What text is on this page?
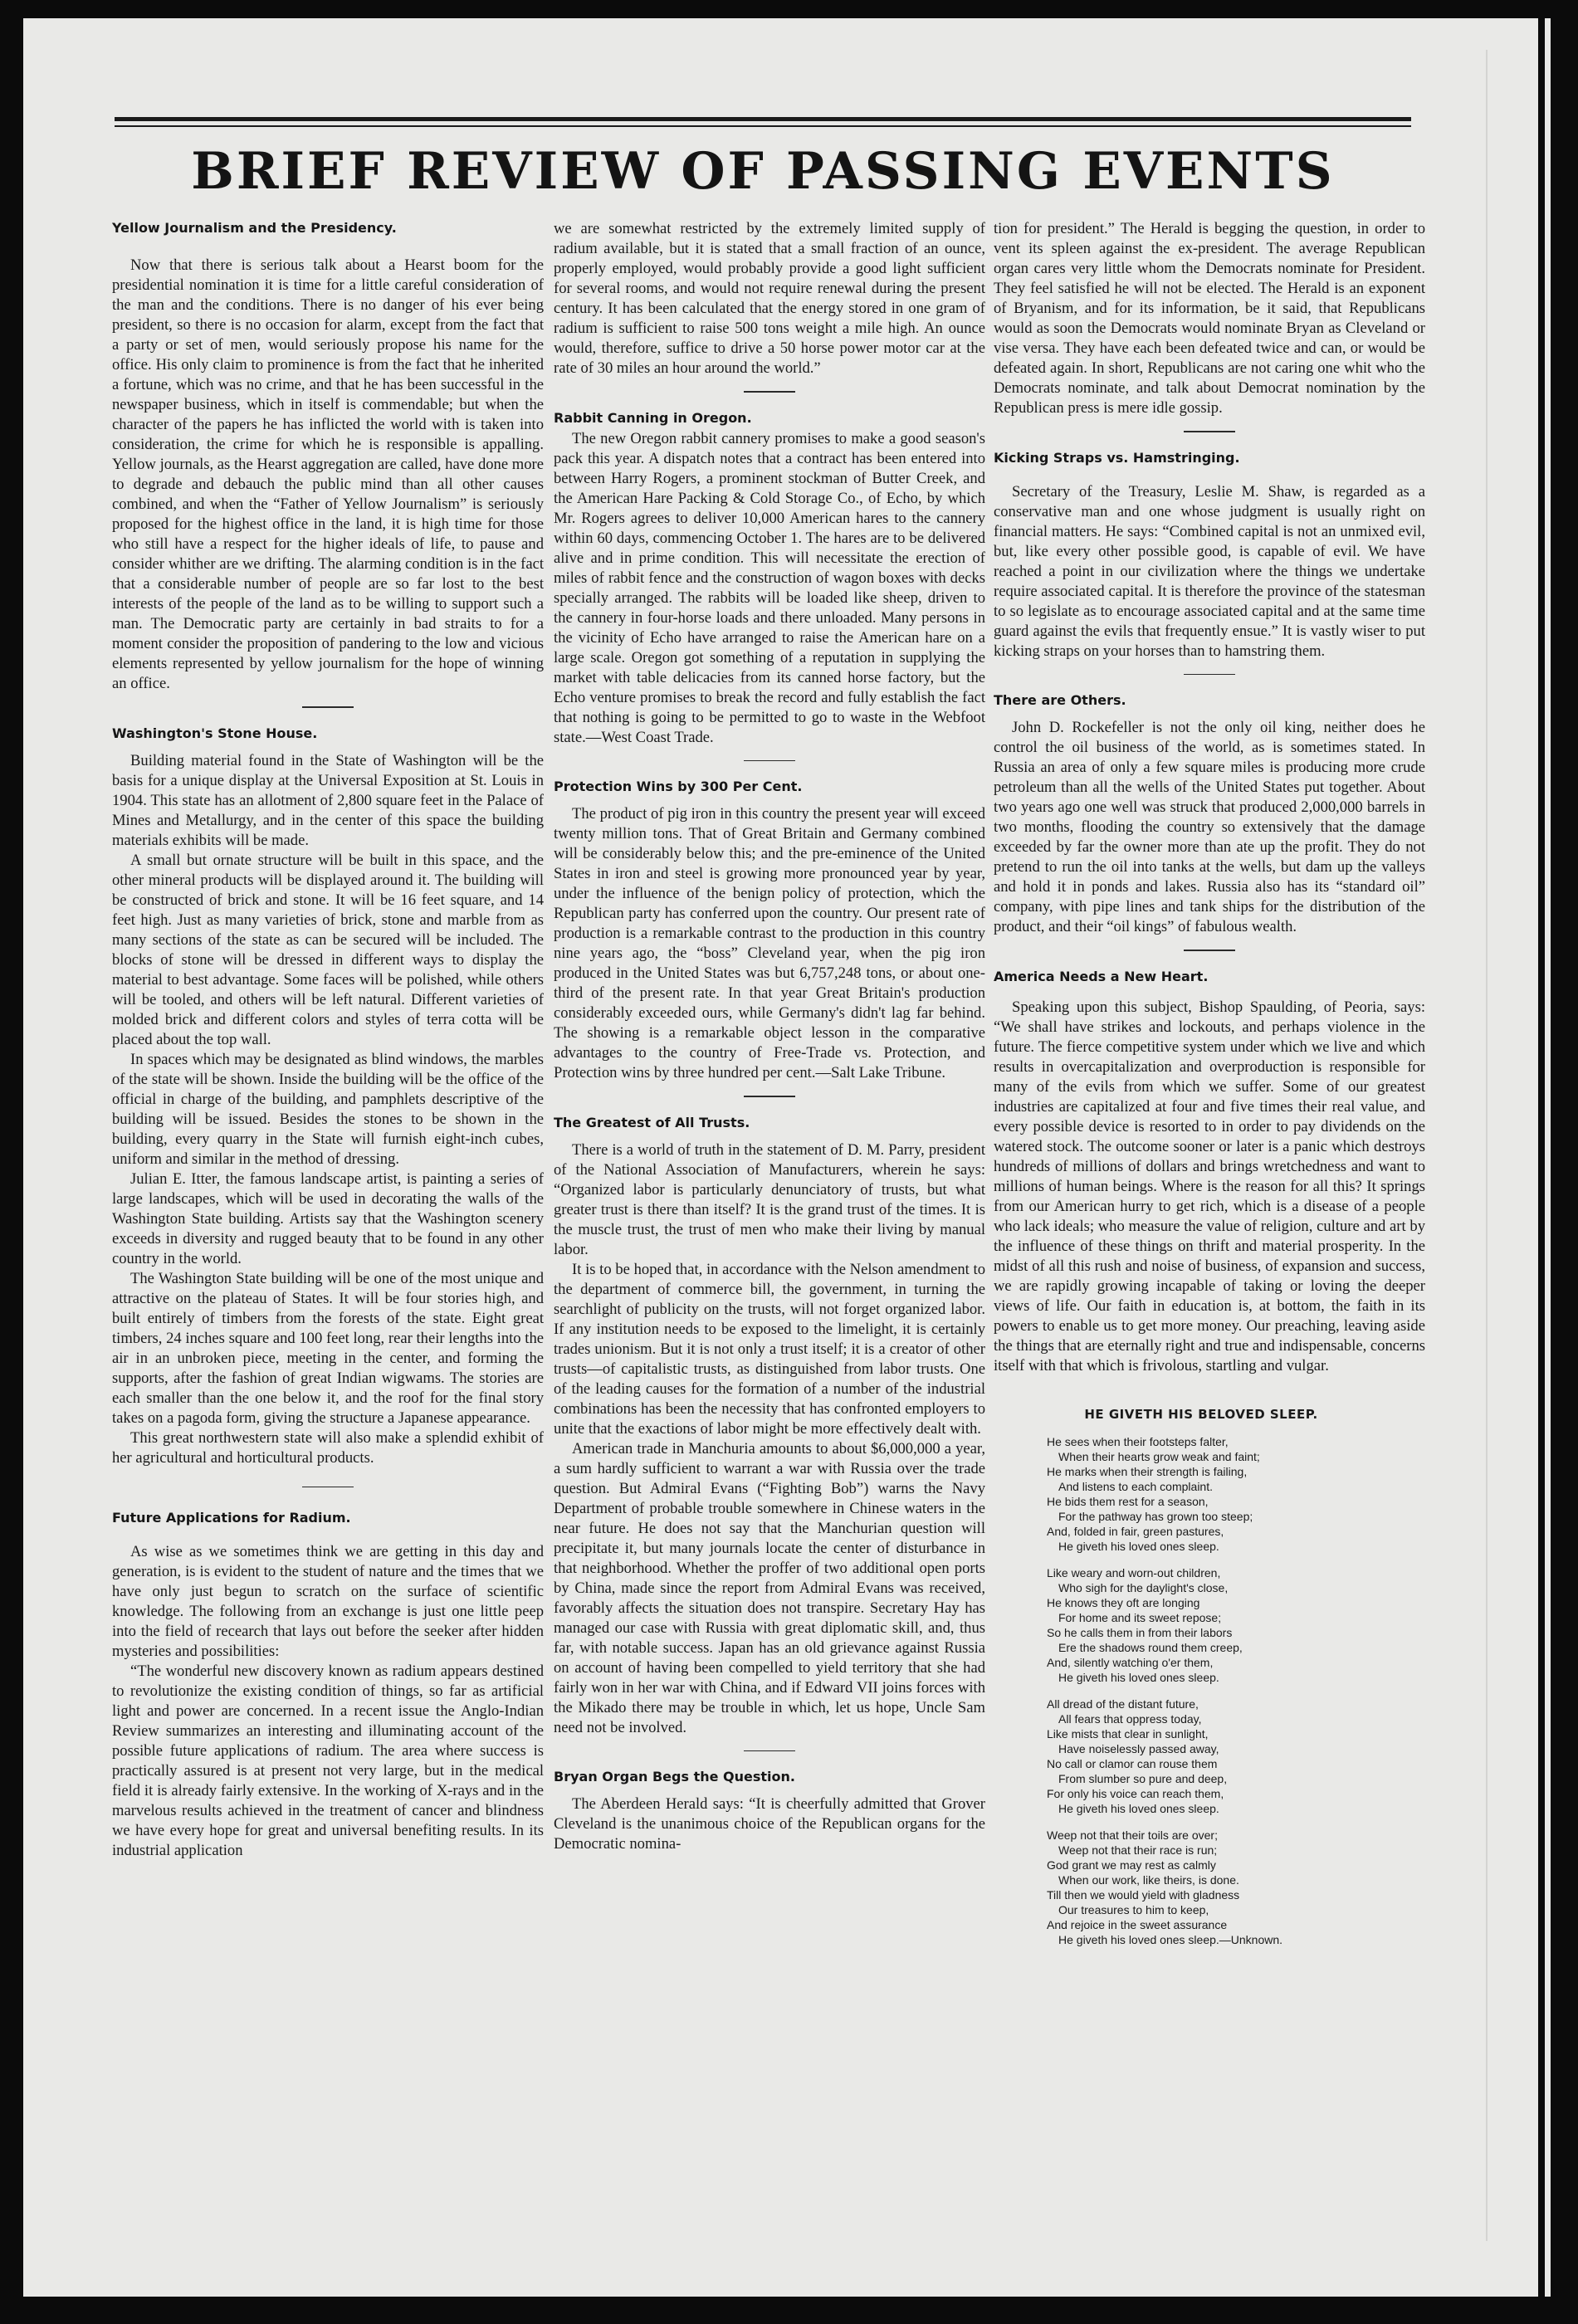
BRIEF REVIEW OF PASSING EVENTS
Yellow Journalism and the Presidency.

Now that there is serious talk about a Hearst boom for the presidential nomination it is time for a little careful consideration of the man and the conditions. There is no danger of his ever being president, so there is no occasion for alarm, except from the fact that a party or set of men, would seriously propose his name for the office. His only claim to prominence is from the fact that he inherited a fortune, which was no crime, and that he has been successful in the newspaper business, which in itself is commendable; but when the character of the papers he has inflicted the world with is taken into consideration, the crime for which he is responsible is appalling. Yellow journals, as the Hearst aggregation are called, have done more to degrade and debauch the public mind than all other causes combined, and when the “Father of Yellow Journalism” is seriously proposed for the highest office in the land, it is high time for those who still have a respect for the higher ideals of life, to pause and consider whither are we drifting. The alarming condition is in the fact that a considerable number of people are so far lost to the best interests of the people of the land as to be willing to support such a man. The Democratic party are certainly in bad straits to for a moment consider the proposition of pandering to the low and vicious elements represented by yellow journalism for the hope of winning an office.

Washington's Stone House.

Building material found in the State of Washington will be the basis for a unique display at the Universal Exposition at St. Louis in 1904. This state has an allotment of 2,800 square feet in the Palace of Mines and Metallurgy, and in the center of this space the building materials exhibits will be made.

A small but ornate structure will be built in this space, and the other mineral products will be displayed around it. The building will be constructed of brick and stone. It will be 16 feet square, and 14 feet high. Just as many varieties of brick, stone and marble from as many sections of the state as can be secured will be included. The blocks of stone will be dressed in different ways to display the material to best advantage. Some faces will be polished, while others will be tooled, and others will be left natural. Different varieties of molded brick and different colors and styles of terra cotta will be placed about the top wall.

In spaces which may be designated as blind windows, the marbles of the state will be shown. Inside the building will be the office of the official in charge of the building, and pamphlets descriptive of the building will be issued. Besides the stones to be shown in the building, every quarry in the State will furnish eight-inch cubes, uniform and similar in the method of dressing.

Julian E. Itter, the famous landscape artist, is painting a series of large landscapes, which will be used in decorating the walls of the Washington State building. Artists say that the Washington scenery exceeds in diversity and rugged beauty that to be found in any other country in the world.

The Washington State building will be one of the most unique and attractive on the plateau of States. It will be four stories high, and built entirely of timbers from the forests of the state. Eight great timbers, 24 inches square and 100 feet long, rear their lengths into the air in an unbroken piece, meeting in the center, and forming the supports, after the fashion of great Indian wigwams. The stories are each smaller than the one below it, and the roof for the final story takes on a pagoda form, giving the structure a Japanese appearance.

This great northwestern state will also make a splendid exhibit of her agricultural and horticultural products.

Future Applications for Radium.

As wise as we sometimes think we are getting in this day and generation, is is evident to the student of nature and the times that we have only just begun to scratch on the surface of scientific knowledge. The following from an exchange is just one little peep into the field of recearch that lays out before the seeker after hidden mysteries and possibilities:

“The wonderful new discovery known as radium appears destined to revolutionize the existing condition of things, so far as artificial light and power are concerned. In a recent issue the Anglo-Indian Review summarizes an interesting and illuminating account of the possible future applications of radium. The area where success is practically assured is at present not very large, but in the medical field it is already fairly extensive. In the working of X-rays and in the marvelous results achieved in the treatment of cancer and blindness we have every hope for great and universal benefiting results. In its industrial application

we are somewhat restricted by the extremely limited supply of radium available, but it is stated that a small fraction of an ounce, properly employed, would probably provide a good light sufficient for several rooms, and would not require renewal during the present century. It has been calculated that the energy stored in one gram of radium is sufficient to raise 500 tons weight a mile high. An ounce would, therefore, suffice to drive a 50 horse power motor car at the rate of 30 miles an hour around the world.”

Rabbit Canning in Oregon.

The new Oregon rabbit cannery promises to make a good season's pack this year. A dispatch notes that a contract has been entered into between Harry Rogers, a prominent stockman of Butter Creek, and the American Hare Packing & Cold Storage Co., of Echo, by which Mr. Rogers agrees to deliver 10,000 American hares to the cannery within 60 days, commencing October 1. The hares are to be delivered alive and in prime condition. This will necessitate the erection of miles of rabbit fence and the construction of wagon boxes with decks specially arranged. The rabbits will be loaded like sheep, driven to the cannery in four-horse loads and there unloaded. Many persons in the vicinity of Echo have arranged to raise the American hare on a large scale. Oregon got something of a reputation in supplying the market with table delicacies from its canned horse factory, but the Echo venture promises to break the record and fully establish the fact that nothing is going to be permitted to go to waste in the Webfoot state.—West Coast Trade.

Protection Wins by 300 Per Cent.

The product of pig iron in this country the present year will exceed twenty million tons. That of Great Britain and Germany combined will be considerably below this; and the pre-eminence of the United States in iron and steel is growing more pronounced year by year, under the influence of the benign policy of protection, which the Republican party has conferred upon the country. Our present rate of production is a remarkable contrast to the production in this country nine years ago, the “boss” Cleveland year, when the pig iron produced in the United States was but 6,757,248 tons, or about one-third of the present rate. In that year Great Britain's production considerably exceeded ours, while Germany's didn't lag far behind. The showing is a remarkable object lesson in the comparative advantages to the country of Free-Trade vs. Protection, and Protection wins by three hundred per cent.—Salt Lake Tribune.

The Greatest of All Trusts.

There is a world of truth in the statement of D. M. Parry, president of the National Association of Manufacturers, wherein he says: “Organized labor is particularly denunciatory of trusts, but what greater trust is there than itself? It is the grand trust of the times. It is the muscle trust, the trust of men who make their living by manual labor.

It is to be hoped that, in accordance with the Nelson amendment to the department of commerce bill, the government, in turning the searchlight of publicity on the trusts, will not forget organized labor. If any institution needs to be exposed to the limelight, it is certainly trades unionism. But it is not only a trust itself; it is a creator of other trusts—of capitalistic trusts, as distinguished from labor trusts. One of the leading causes for the formation of a number of the industrial combinations has been the necessity that has confronted employers to unite that the exactions of labor might be more effectively dealt with.

American trade in Manchuria amounts to about $6,000,000 a year, a sum hardly sufficient to warrant a war with Russia over the trade question. But Admiral Evans (“Fighting Bob”) warns the Navy Department of probable trouble somewhere in Chinese waters in the near future. He does not say that the Manchurian question will precipitate it, but many journals locate the center of disturbance in that neighborhood. Whether the proffer of two additional open ports by China, made since the report from Admiral Evans was received, favorably affects the situation does not transpire. Secretary Hay has managed our case with Russia with great diplomatic skill, and, thus far, with notable success. Japan has an old grievance against Russia on account of having been compelled to yield territory that she had fairly won in her war with China, and if Edward VII joins forces with the Mikado there may be trouble in which, let us hope, Uncle Sam need not be involved.

Bryan Organ Begs the Question.

The Aberdeen Herald says: “It is cheerfully admitted that Grover Cleveland is the unanimous choice of the Republican organs for the Democratic nomina-

tion for president.” The Herald is begging the question, in order to vent its spleen against the ex-president. The average Republican organ cares very little whom the Democrats nominate for President. They feel satisfied he will not be elected. The Herald is an exponent of Bryanism, and for its information, be it said, that Republicans would as soon the Democrats would nominate Bryan as Cleveland or vise versa. They have each been defeated twice and can, or would be defeated again. In short, Republicans are not caring one whit who the Democrats nominate, and talk about Democrat nomination by the Republican press is mere idle gossip.

Kicking Straps vs. Hamstringing.

Secretary of the Treasury, Leslie M. Shaw, is regarded as a conservative man and one whose judgment is usually right on financial matters. He says: “Combined capital is not an unmixed evil, but, like every other possible good, is capable of evil. We have reached a point in our civilization where the things we undertake require associated capital. It is therefore the province of the statesman to so legislate as to encourage associated capital and at the same time guard against the evils that frequently ensue.” It is vastly wiser to put kicking straps on your horses than to hamstring them.

There are Others.

John D. Rockefeller is not the only oil king, neither does he control the oil business of the world, as is sometimes stated. In Russia an area of only a few square miles is producing more crude petroleum than all the wells of the United States put together. About two years ago one well was struck that produced 2,000,000 barrels in two months, flooding the country so extensively that the damage exceeded by far the owner more than ate up the profit. They do not pretend to run the oil into tanks at the wells, but dam up the valleys and hold it in ponds and lakes. Russia also has its “standard oil” company, with pipe lines and tank ships for the distribution of the product, and their “oil kings” of fabulous wealth.

America Needs a New Heart.

Speaking upon this subject, Bishop Spaulding, of Peoria, says: “We shall have strikes and lockouts, and perhaps violence in the future. The fierce competitive system under which we live and which results in overcapitalization and overproduction is responsible for many of the evils from which we suffer. Some of our greatest industries are capitalized at four and five times their real value, and every possible device is resorted to in order to pay dividends on the watered stock. The outcome sooner or later is a panic which destroys hundreds of millions of dollars and brings wretchedness and want to millions of human beings. Where is the reason for all this? It springs from our American hurry to get rich, which is a disease of a people who lack ideals; who measure the value of religion, culture and art by the influence of these things on thrift and material prosperity. In the midst of all this rush and noise of business, of expansion and success, we are rapidly growing incapable of taking or loving the deeper views of life. Our faith in education is, at bottom, the faith in its powers to enable us to get more money. Our preaching, leaving aside the things that are eternally right and true and indispensable, concerns itself with that which is frivolous, startling and vulgar.

HE GIVETH HIS BELOVED SLEEP.
He sees when their footsteps falter,
When their hearts grow weak and faint;
He marks when their strength is failing,
And listens to each complaint.
He bids them rest for a season,
For the pathway has grown too steep;
And, folded in fair, green pastures,
He giveth his loved ones sleep.
Like weary and worn-out children,
Who sigh for the daylight's close,
He knows they oft are longing
For home and its sweet repose;
So he calls them in from their labors
Ere the shadows round them creep,
And, silently watching o'er them,
He giveth his loved ones sleep.
All dread of the distant future,
All fears that oppress today,
Like mists that clear in sunlight,
Have noiselessly passed away,
No call or clamor can rouse them
From slumber so pure and deep,
For only his voice can reach them,
He giveth his loved ones sleep.
Weep not that their toils are over;
Weep not that their race is run;
God grant we may rest as calmly
When our work, like theirs, is done.
Till then we would yield with gladness
Our treasures to him to keep,
And rejoice in the sweet assurance
He giveth his loved ones sleep.—Unknown.
